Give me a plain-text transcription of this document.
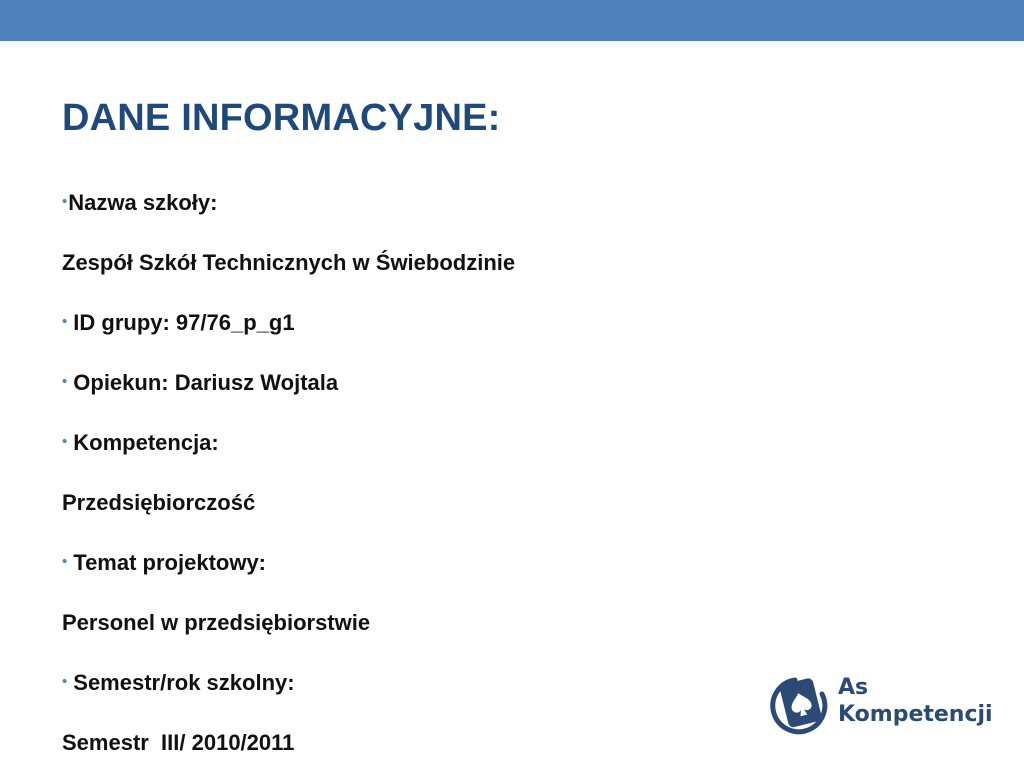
DANE INFORMACYJNE:
•Nazwa szkoły:
Zespół Szkół Technicznych w Świebodzinie
• ID grupy: 97/76_p_g1
• Opiekun: Dariusz Wojtala
• Kompetencja:
Przedsiębiorczość
• Temat projektowy:
Personel w przedsiębiorstwie
• Semestr/rok szkolny:
Semestr  III/ 2010/2011
As
Kompetencji
